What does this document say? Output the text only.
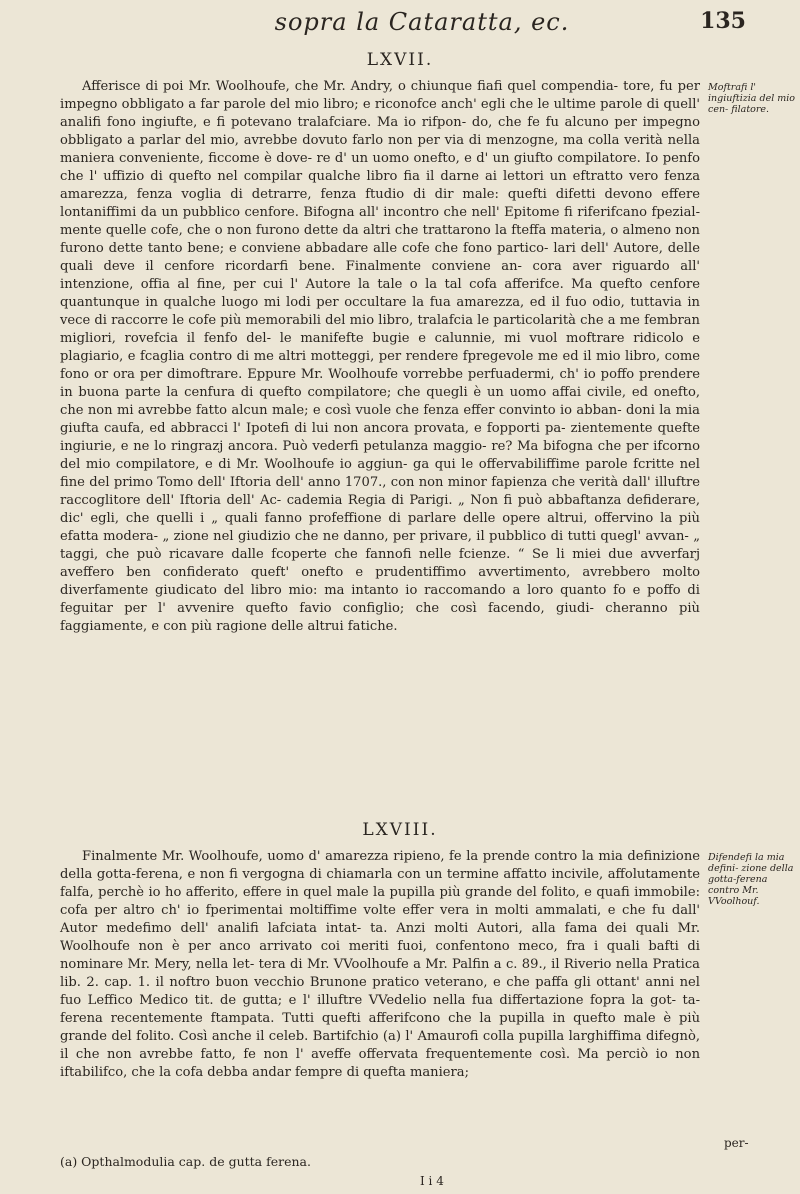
sopra la Cataratta, ec.	135
LXVII.

Afferisce di poi Mr. Woolhoufe, che Mr. Andry, o chiunque fiafi quel compendia- tore, fu per impegno obbligato a far parole del mio libro; e riconofce anch' egli che le ultime parole di quell' analifi fono ingiufte, e fi potevano tralafciare. Ma io rifpon- do, che fe fu alcuno per impegno obbligato a parlar del mio, avrebbe dovuto farlo non per via di menzogne, ma colla verità nella maniera conveniente, ficcome è dove- re d' un uomo onefto, e d' un giufto compilatore. Io penfo che l' uffizio di quefto nel compilar qualche libro fia il darne ai lettori un eftratto vero fenza amarezza, fenza voglia di detrarre, fenza ftudio di dir male: quefti difetti devono effere lontaniffimi da un pubblico cenfore. Bifogna all' incontro che nell' Epitome fi riferifcano fpezial- mente quelle cofe, che o non furono dette da altri che trattarono la fteffa materia, o almeno non furono dette tanto bene; e conviene abbadare alle cofe che fono partico- lari dell' Autore, delle quali deve il cenfore ricordarfi bene. Finalmente conviene an- cora aver riguardo all' intenzione, offia al fine, per cui l' Autore la tale o la tal cofa afferifce. Ma quefto cenfore quantunque in qualche luogo mi lodi per occultare la fua amarezza, ed il fuo odio, tuttavia in vece di raccorre le cofe più memorabili del mio libro, tralafcia le particolarità che a me fembran migliori, rovefcia il fenfo del- le manifefte bugie e calunnie, mi vuol moftrare ridicolo e plagiario, e fcaglia contro di me altri motteggi, per rendere fpregevole me ed il mio libro, come fono or ora per dimoftrare. Eppure Mr. Woolhoufe vorrebbe perfuadermi, ch' io poffo prendere in buona parte la cenfura di quefto compilatore; che quegli è un uomo affai civile, ed onefto, che non mi avrebbe fatto alcun male; e così vuole che fenza effer convinto io abban- doni la mia giufta caufa, ed abbracci l' Ipotefi di lui non ancora provata, e fopporti pa- zientemente quefte ingiurie, e ne lo ringrazj ancora. Può vederfi petulanza maggio- re? Ma bifogna che per ifcorno del mio compilatore, e di Mr. Woolhoufe io aggiun- ga qui le offervabiliffime parole fcritte nel fine del primo Tomo dell' Iftoria dell' anno 1707., con non minor fapienza che verità dall' illuftre raccoglitore dell' Iftoria dell' Ac- cademia Regia di Parigi. „ Non fi può abbaftanza defiderare, dic' egli, che quelli i „ quali fanno profeffione di parlare delle opere altrui, offervino la più efatta modera- „ zione nel giudizio che ne danno, per privare, il pubblico di tutti quegl' avvan- „ taggi, che può ricavare dalle fcoperte che fannofi nelle fcienze. “ Se li miei due avverfarj aveffero ben confiderato queft' onefto e prudentiffimo avvertimento, avrebbero molto diverfamente giudicato del libro mio: ma intanto io raccomando a loro quanto fo e poffo di feguitar per l' avvenire quefto favio configlio; che così facendo, giudi- cheranno più faggiamente, e con più ragione delle altrui fatiche.

Moftrafi l' ingiuftizia del mio cen- filatore.
LXVIII.

Finalmente Mr. Woolhoufe, uomo d' amarezza ripieno, fe la prende contro la mia definizione della gotta-ferena, e non fi vergogna di chiamarla con un termine affatto incivile, affolutamente falfa, perchè io ho afferito, effere in quel male la pupilla più grande del folito, e quafi immobile: cofa per altro ch' io fperimentai moltiffime volte effer vera in molti ammalati, e che fu dall' Autor medefimo dell' analifi lafciata intat- ta. Anzi molti Autori, alla fama dei quali Mr. Woolhoufe non è per anco arrivato coi meriti fuoi, confentono meco, fra i quali bafti di nominare Mr. Mery, nella let- tera di Mr. VVoolhoufe a Mr. Palfin a c. 89., il Riverio nella Pratica lib. 2. cap. 1. il noftro buon vecchio Brunone pratico veterano, e che paffa gli ottant' anni nel fuo Leffico Medico tit. de gutta; e l' illuftre VVedelio nella fua differtazione fopra la got- ta-ferena recentemente ftampata. Tutti quefti afferifcono che la pupilla in quefto male è più grande del folito. Così anche il celeb. Bartifchio (a) l' Amaurofi colla pupilla larghiffima difegnò, il che non avrebbe fatto, fe non l' aveffe offervata frequentemente così. Ma perciò io non iftabilifco, che la cofa debba andar fempre di quefta maniera;

Difendefi la mia defini- zione della gotta-ferena contro Mr. VVoolhouf.
per-
(a) Opthalmodulia cap. de gutta ferena.
I i 4
